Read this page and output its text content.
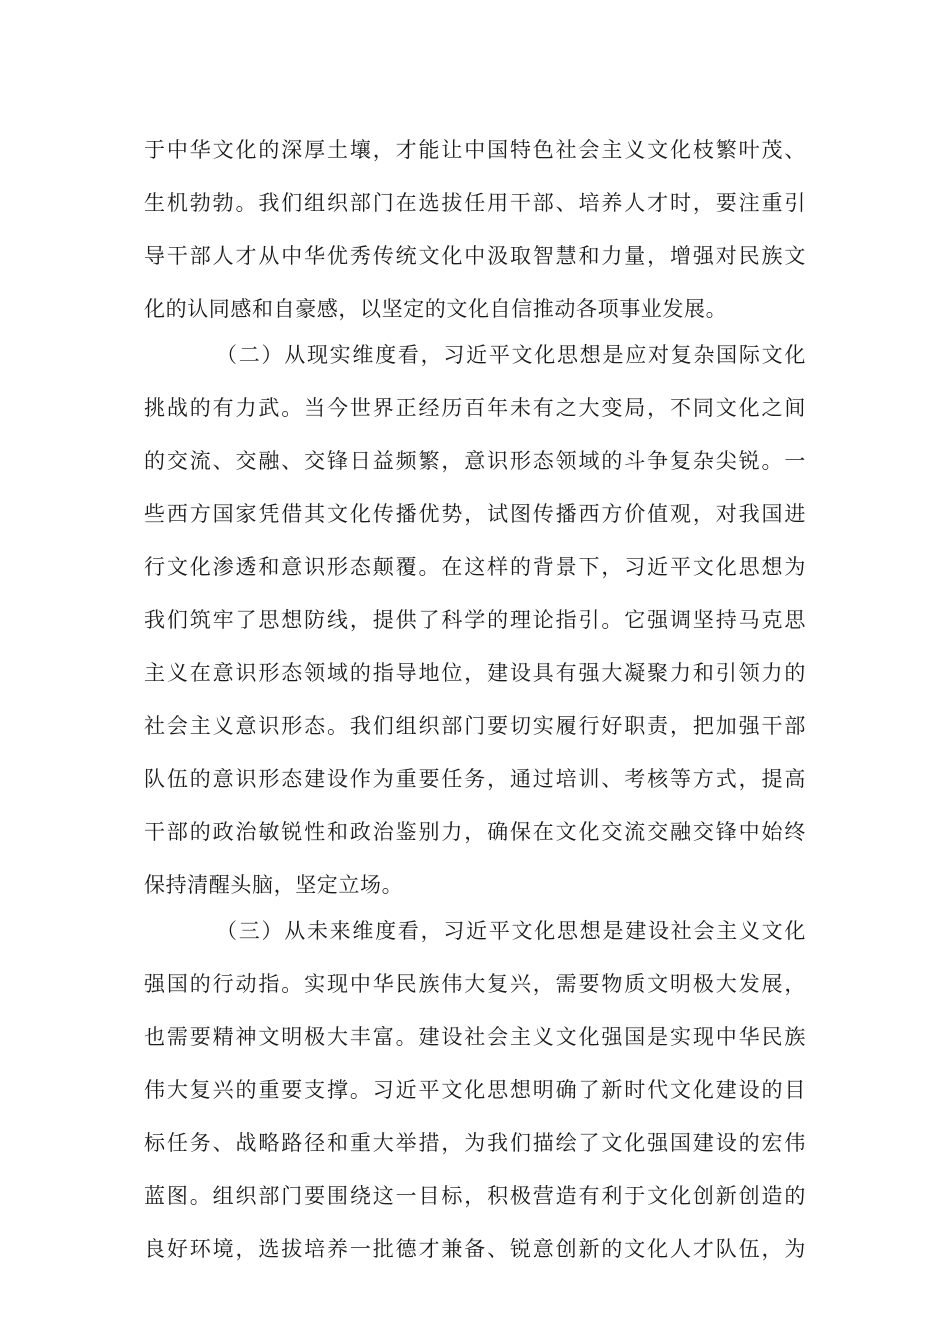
于中华文化的深厚土壤，才能让中国特色社会主义文化枝繁叶茂、
生机勃勃。我们组织部门在选拔任用干部、培养人才时，要注重引
导干部人才从中华优秀传统文化中汲取智慧和力量，增强对民族文
化的认同感和自豪感，以坚定的文化自信推动各项事业发展。
（二）从现实维度看，习近平文化思想是应对复杂国际文化
挑战的有力武。当今世界正经历百年未有之大变局，不同文化之间
的交流、交融、交锋日益频繁，意识形态领域的斗争复杂尖锐。一
些西方国家凭借其文化传播优势，试图传播西方价值观，对我国进
行文化渗透和意识形态颠覆。在这样的背景下，习近平文化思想为
我们筑牢了思想防线，提供了科学的理论指引。它强调坚持马克思
主义在意识形态领域的指导地位，建设具有强大凝聚力和引领力的
社会主义意识形态。我们组织部门要切实履行好职责，把加强干部
队伍的意识形态建设作为重要任务，通过培训、考核等方式，提高
干部的政治敏锐性和政治鉴别力，确保在文化交流交融交锋中始终
保持清醒头脑，坚定立场。
（三）从未来维度看，习近平文化思想是建设社会主义文化
强国的行动指。实现中华民族伟大复兴，需要物质文明极大发展，
也需要精神文明极大丰富。建设社会主义文化强国是实现中华民族
伟大复兴的重要支撑。习近平文化思想明确了新时代文化建设的目
标任务、战略路径和重大举措，为我们描绘了文化强国建设的宏伟
蓝图。组织部门要围绕这一目标，积极营造有利于文化创新创造的
良好环境，选拔培养一批德才兼备、锐意创新的文化人才队伍，为
